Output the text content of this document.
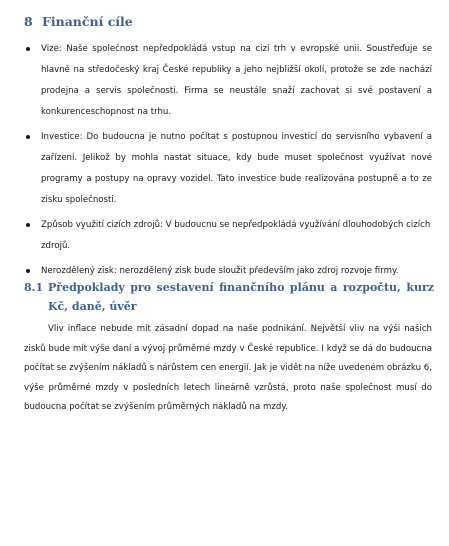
8 Finanční cíle
Vize: Naše společnost nepředpokládá vstup na cizí trh v evropské unii. Soustřeďuje se hlavně na středočeský kraj České republiky a jeho nejbližší okolí, protože se zde nachází prodejna a servis společnosti. Firma se neustále snaží zachovat si své postavení a konkurenceschopnost na trhu.
Investice: Do budoucna je nutno počítat s postupnou investicí do servisního vybavení a zařízení. Jelikož by mohla nastat situace, kdy bude muset společnost využívat nové programy a postupy na opravy vozidel. Tato investice bude realizována postupně a to ze zisku společnosti.
Způsob využití cizích zdrojů: V budoucnu se nepředpokládá využívání dlouhodobých cizích zdrojů.
Nerozdělený zisk: nerozdělený zisk bude sloužit především jako zdroj rozvoje firmy.
8.1 Předpoklady pro sestavení finančního plánu a rozpočtu, kurz Kč, daně, úvěr

Vliv inflace nebude mít zásadní dopad na naše podnikání. Největší vliv na výši našich zisků bude mít výše daní a vývoj průměrné mzdy v České republice. I když se dá do budoucna počítat se zvýšením nákladů s nárůstem cen energií. Jak je vidět na níže uvedeném obrázku 6, výše průměrné mzdy v posledních letech lineárně vzrůstá, proto naše společnost musí do budoucna počítat se zvýšením průměrných nákladů na mzdy.
